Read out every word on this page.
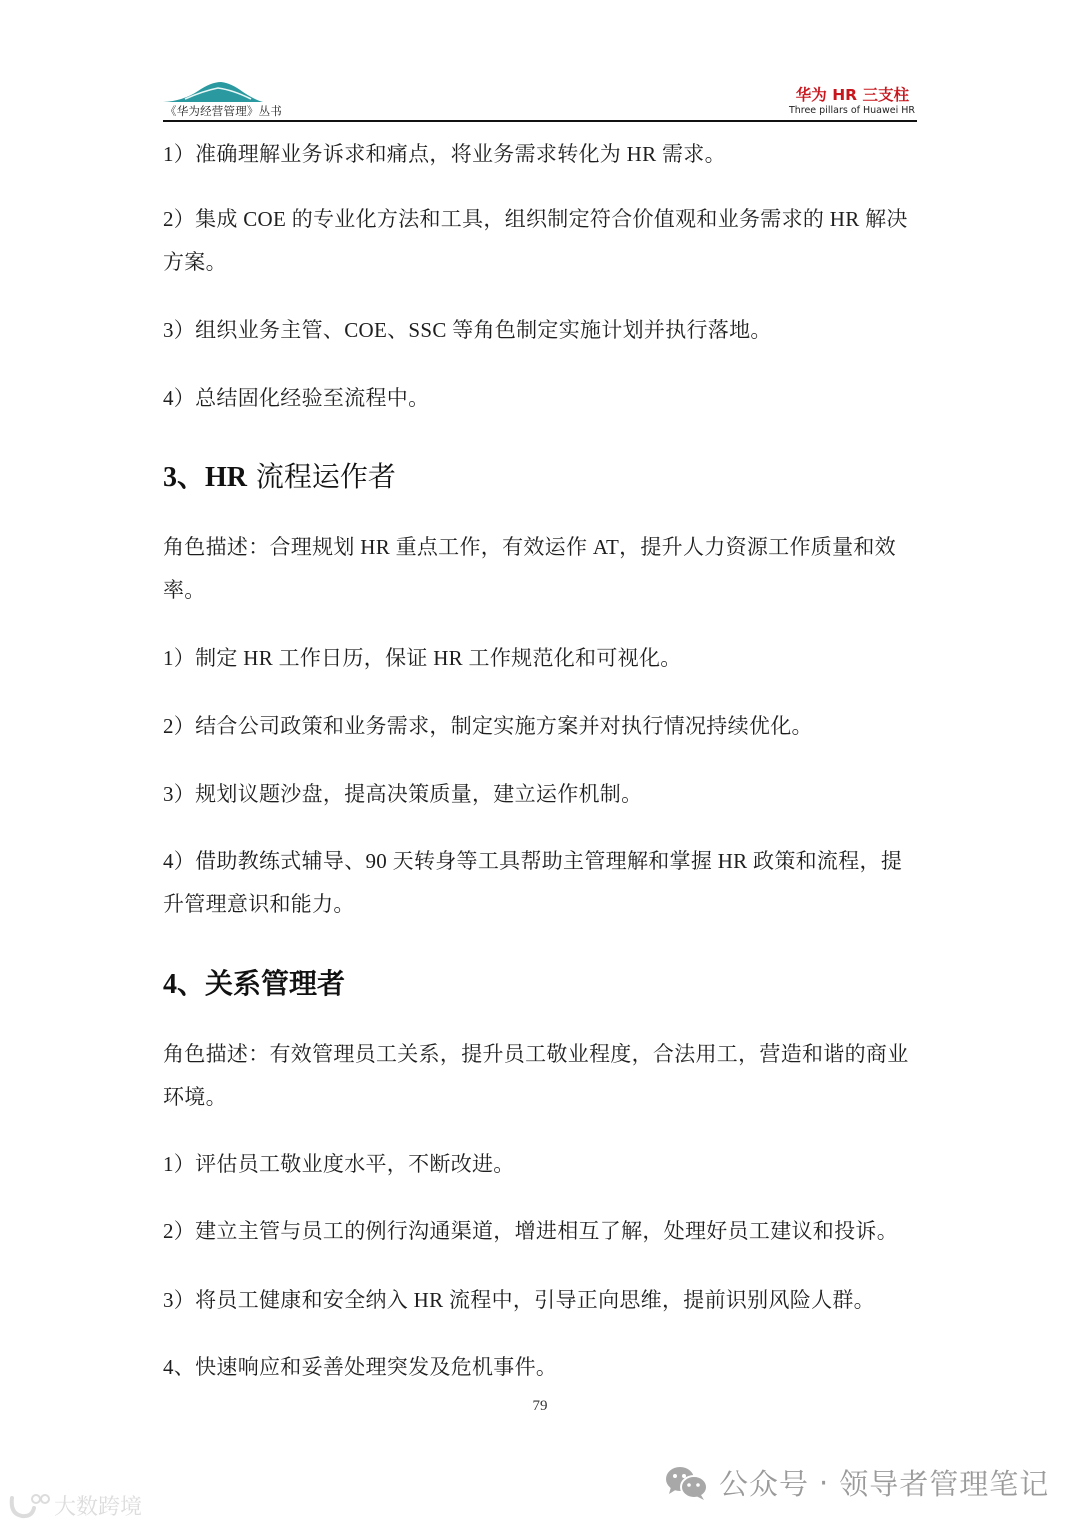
《华为经营管理》丛书
华为 HR 三支柱
Three pillars of Huawei HR
1）准确理解业务诉求和痛点，将业务需求转化为 HR 需求。
2）集成 COE 的专业化方法和工具，组织制定符合价值观和业务需求的 HR 解决
方案。
3）组织业务主管、COE、SSC 等角色制定实施计划并执行落地。
4）总结固化经验至流程中。
3、HR 流程运作者
角色描述：合理规划 HR 重点工作，有效运作 AT，提升人力资源工作质量和效
率。
1）制定 HR 工作日历，保证 HR 工作规范化和可视化。
2）结合公司政策和业务需求，制定实施方案并对执行情况持续优化。
3）规划议题沙盘，提高决策质量，建立运作机制。
4）借助教练式辅导、90 天转身等工具帮助主管理解和掌握 HR 政策和流程，提
升管理意识和能力。
4、关系管理者
角色描述：有效管理员工关系，提升员工敬业程度，合法用工，营造和谐的商业
环境。
1）评估员工敬业度水平，不断改进。
2）建立主管与员工的例行沟通渠道，增进相互了解，处理好员工建议和投诉。
3）将员工健康和安全纳入 HR 流程中，引导正向思维，提前识别风险人群。
4、快速响应和妥善处理突发及危机事件。
79
大数跨境
公众号 · 领导者管理笔记
